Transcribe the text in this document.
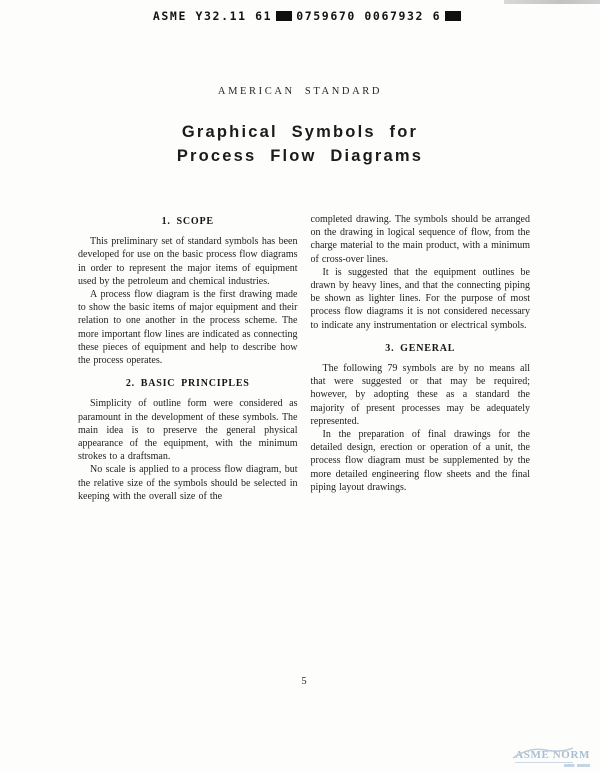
ASME Y32.11 61 0759670 0067932 6
AMERICAN STANDARD
Graphical Symbols for
Process Flow Diagrams
1. SCOPE

This preliminary set of standard symbols has been developed for use on the basic process flow diagrams in order to represent the major items of equipment used by the petroleum and chemical industries.

A process flow diagram is the first drawing made to show the basic items of major equipment and their relation to one another in the process scheme. The more important flow lines are indicated as connecting these pieces of equipment and help to describe how the process operates.

2. BASIC PRINCIPLES

Simplicity of outline form were considered as paramount in the development of these symbols. The main idea is to preserve the general physical appearance of the equipment, with the minimum strokes to a draftsman.

No scale is applied to a process flow diagram, but the relative size of the symbols should be selected in keeping with the overall size of the

completed drawing. The symbols should be arranged on the drawing in logical sequence of flow, from the charge material to the main product, with a minimum of cross-over lines.

It is suggested that the equipment outlines be drawn by heavy lines, and that the connecting piping be shown as lighter lines. For the purpose of most process flow diagrams it is not considered necessary to indicate any instrumentation or electrical symbols.

3. GENERAL

The following 79 symbols are by no means all that were suggested or that may be required; however, by adopting these as a standard the majority of present processes may be adequately represented.

In the preparation of final drawings for the detailed design, erection or operation of a unit, the process flow diagram must be supplemented by the more detailed engineering flow sheets and the final piping layout drawings.

5
ASME NORM
